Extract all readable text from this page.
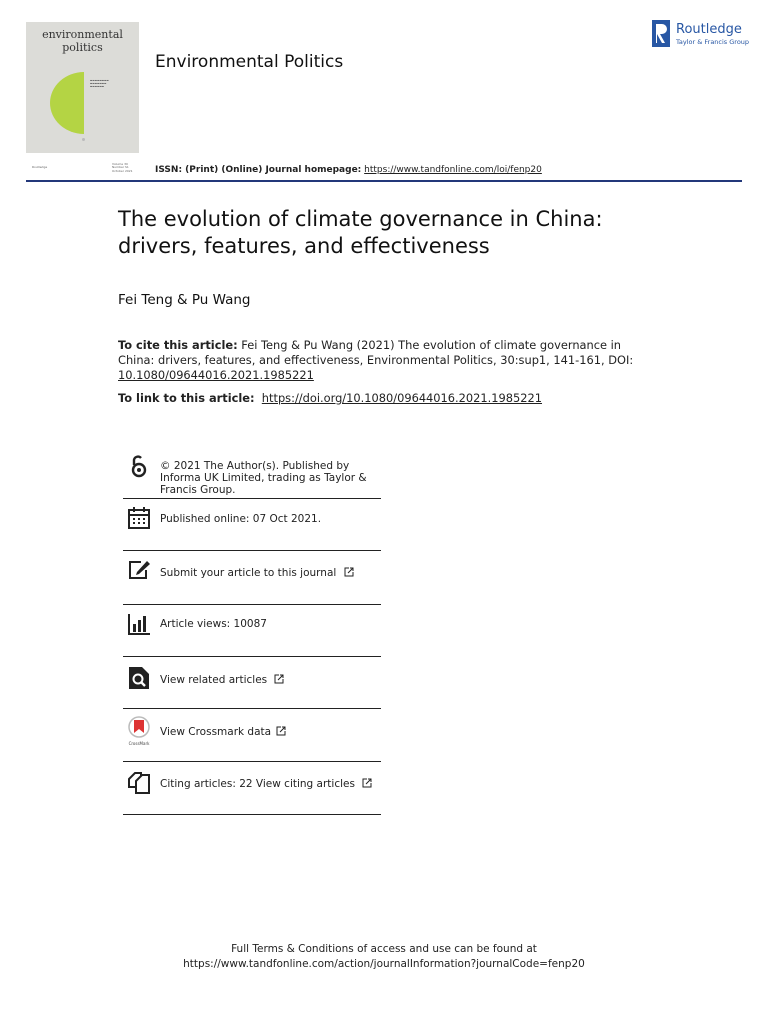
environmental
politics
▬▬▬▬▬▬▬▬
▬▬▬▬▬▬▬
▬▬▬▬▬▬
Routledge
Volume 30
Number S1
October 2021
Environmental Politics
Routledge
Taylor & Francis Group
ISSN: (Print) (Online) Journal homepage: https://www.tandfonline.com/loi/fenp20
The evolution of climate governance in China: drivers, features, and effectiveness
Fei Teng & Pu Wang
To cite this article: Fei Teng & Pu Wang (2021) The evolution of climate governance in China: drivers, features, and effectiveness, Environmental Politics, 30:sup1, 141-161, DOI: 10.1080/09644016.2021.1985221
To link to this article: https://doi.org/10.1080/09644016.2021.1985221
© 2021 The Author(s). Published by Informa UK Limited, trading as Taylor & Francis Group.
Published online: 07 Oct 2021.
Submit your article to this journal
Article views: 10087
View related articles
CrossMark
View Crossmark data
Citing articles: 22 View citing articles
Full Terms & Conditions of access and use can be found at
https://www.tandfonline.com/action/journalInformation?journalCode=fenp20
